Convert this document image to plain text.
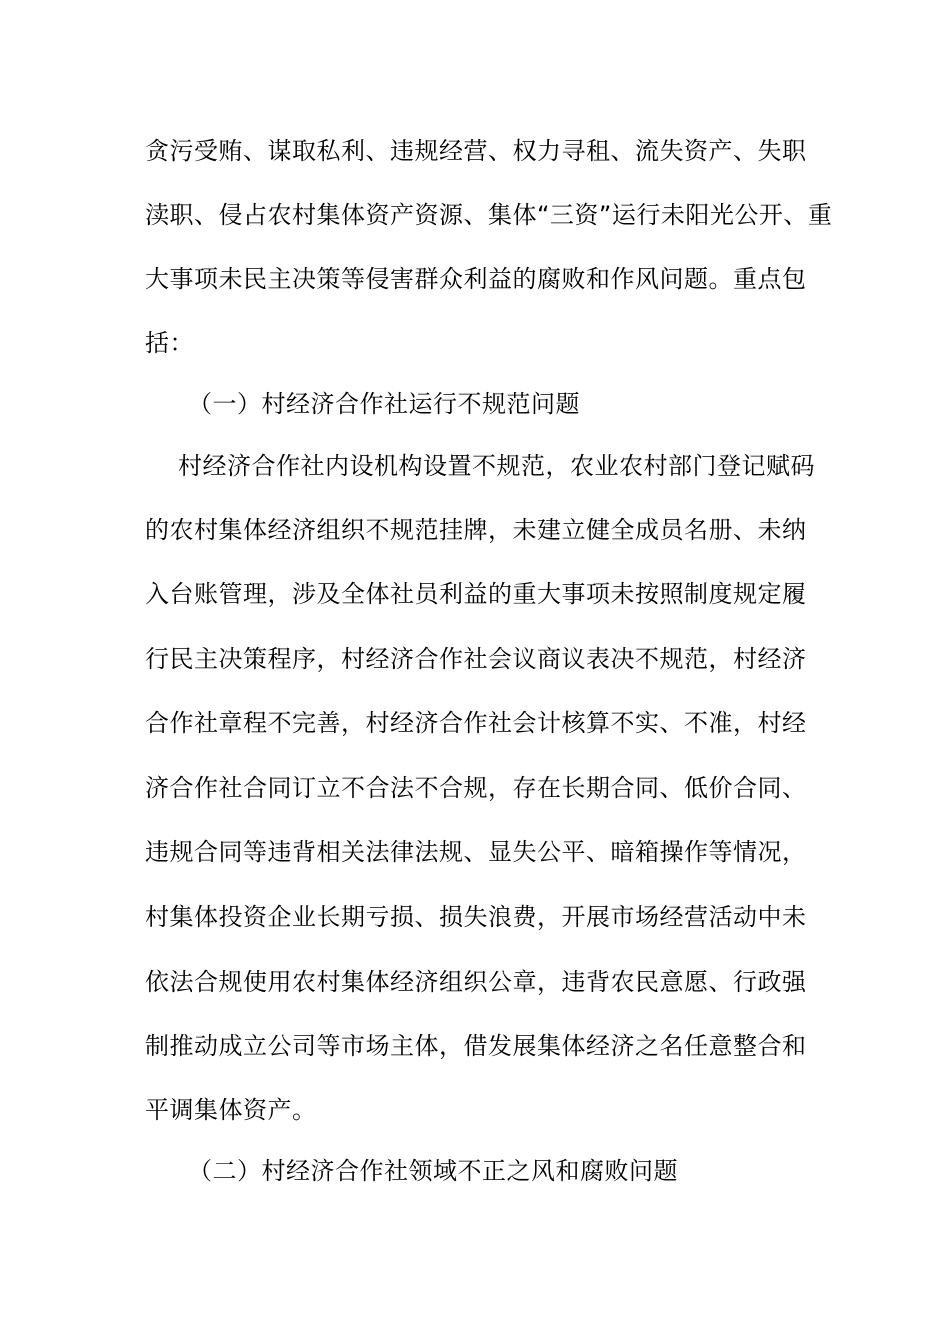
贪污受贿、谋取私利、违规经营、权力寻租、流失资产、失职
渎职、侵占农村集体资产资源、集体“三资”运行未阳光公开、重
大事项未民主决策等侵害群众利益的腐败和作风问题。重点包
括：
（一）村经济合作社运行不规范问题
村经济合作社内设机构设置不规范，农业农村部门登记赋码
的农村集体经济组织不规范挂牌，未建立健全成员名册、未纳
入台账管理，涉及全体社员利益的重大事项未按照制度规定履
行民主决策程序，村经济合作社会议商议表决不规范，村经济
合作社章程不完善，村经济合作社会计核算不实、不准，村经
济合作社合同订立不合法不合规，存在长期合同、低价合同、
违规合同等违背相关法律法规、显失公平、暗箱操作等情况，
村集体投资企业长期亏损、损失浪费，开展市场经营活动中未
依法合规使用农村集体经济组织公章，违背农民意愿、行政强
制推动成立公司等市场主体，借发展集体经济之名任意整合和
平调集体资产。
（二）村经济合作社领域不正之风和腐败问题
